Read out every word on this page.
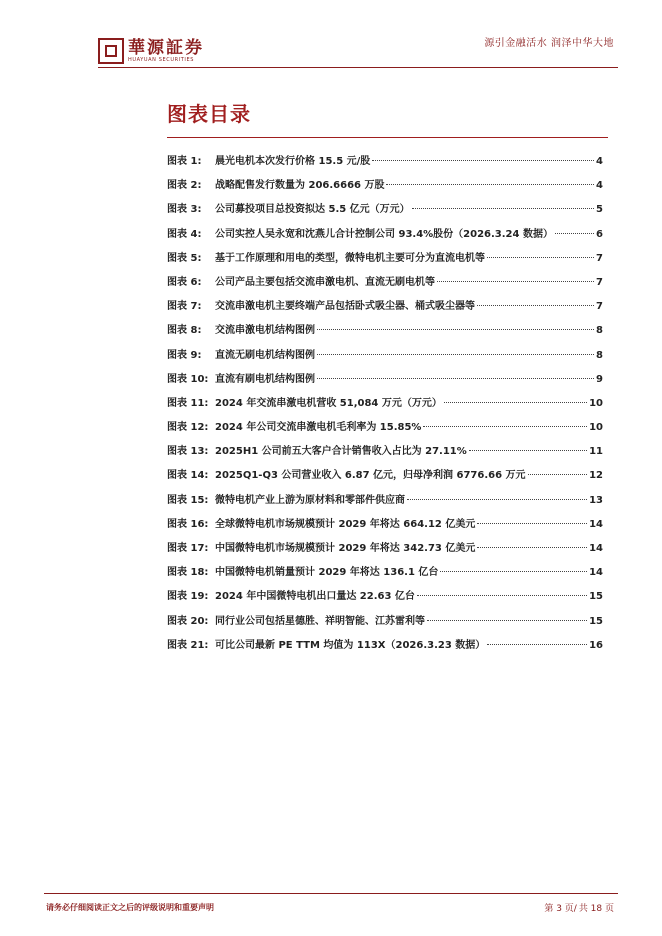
華源証券
HUAYUAN SECURITIES
源引金融活水 润泽中华大地
图表目录
图表 1:	晨光电机本次发行价格 15.5 元/股	4
图表 2:	战略配售发行数量为 206.6666 万股	4
图表 3:	公司募投项目总投资拟达 5.5 亿元（万元）	5
图表 4:	公司实控人吴永宽和沈燕儿合计控制公司 93.4%股份（2026.3.24 数据）	6
图表 5:	基于工作原理和用电的类型，微特电机主要可分为直流电机等	7
图表 6:	公司产品主要包括交流串激电机、直流无刷电机等	7
图表 7:	交流串激电机主要终端产品包括卧式吸尘器、桶式吸尘器等	7
图表 8:	交流串激电机结构图例	8
图表 9:	直流无刷电机结构图例	8
图表 10: 直流有刷电机结构图例	9
图表 11: 2024 年交流串激电机营收 51,084 万元（万元）	10
图表 12: 2024 年公司交流串激电机毛利率为 15.85%	10
图表 13: 2025H1 公司前五大客户合计销售收入占比为 27.11%	11
图表 14: 2025Q1-Q3 公司营业收入 6.87 亿元，归母净利润 6776.66 万元	12
图表 15: 微特电机产业上游为原材料和零部件供应商	13
图表 16: 全球微特电机市场规模预计 2029 年将达 664.12 亿美元	14
图表 17: 中国微特电机市场规模预计 2029 年将达 342.73 亿美元	14
图表 18: 中国微特电机销量预计 2029 年将达 136.1 亿台	14
图表 19: 2024 年中国微特电机出口量达 22.63 亿台	15
图表 20: 同行业公司包括星德胜、祥明智能、江苏雷利等	15
图表 21: 可比公司最新 PE TTM 均值为 113X（2026.3.23 数据）	16
请务必仔细阅读正文之后的评级说明和重要声明	第 3 页/ 共 18 页
